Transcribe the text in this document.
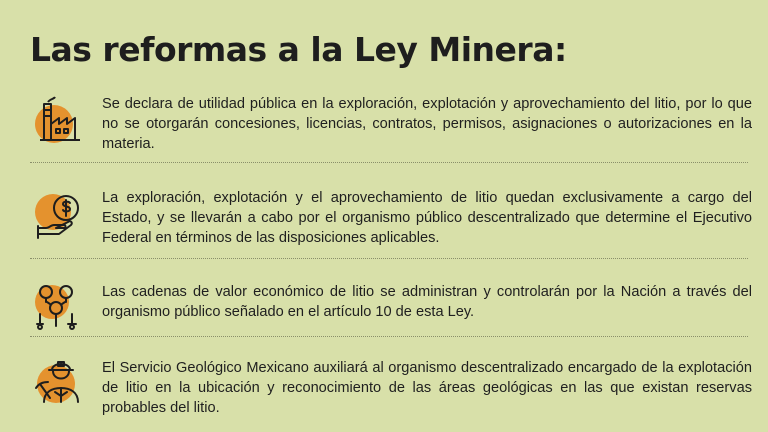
Las reformas a la Ley Minera:

Se declara de utilidad pública en la exploración, explotación y aprovechamiento del litio, por lo que no se otorgarán concesiones, licencias, contratos, permisos, asignaciones o autorizaciones en la materia.

La exploración, explotación y el aprovechamiento de litio quedan exclusivamente a cargo del Estado, y se llevarán a cabo por el organismo público descentralizado que determine el Ejecutivo Federal en términos de las disposiciones aplicables.

Las cadenas de valor económico de litio se administran y controlarán por la Nación a través del organismo público señalado en el artículo 10 de esta Ley.

El Servicio Geológico Mexicano auxiliará al organismo descentralizado encargado de la explotación de litio en la ubicación y reconocimiento de las áreas geológicas en las que existan reservas probables del litio.
